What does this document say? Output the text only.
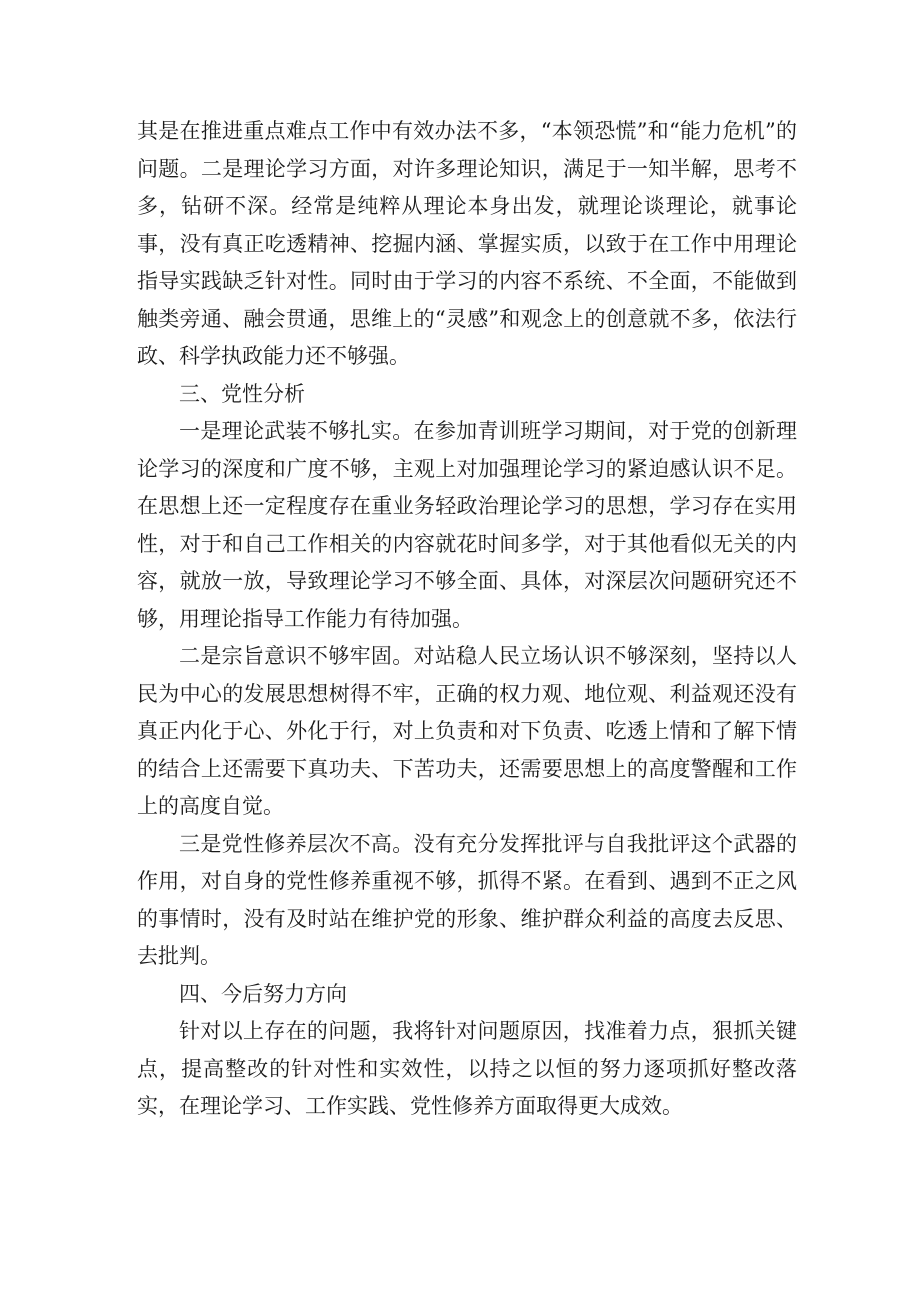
其是在推进重点难点工作中有效办法不多，“本领恐慌”和“能力危机”的问题。二是理论学习方面，对许多理论知识，满足于一知半解，思考不多，钻研不深。经常是纯粹从理论本身出发，就理论谈理论，就事论事，没有真正吃透精神、挖掘内涵、掌握实质，以致于在工作中用理论指导实践缺乏针对性。同时由于学习的内容不系统、不全面，不能做到触类旁通、融会贯通，思维上的“灵感”和观念上的创意就不多，依法行政、科学执政能力还不够强。

三、党性分析

一是理论武装不够扎实。在参加青训班学习期间，对于党的创新理论学习的深度和广度不够，主观上对加强理论学习的紧迫感认识不足。在思想上还一定程度存在重业务轻政治理论学习的思想，学习存在实用性，对于和自己工作相关的内容就花时间多学，对于其他看似无关的内容，就放一放，导致理论学习不够全面、具体，对深层次问题研究还不够，用理论指导工作能力有待加强。

二是宗旨意识不够牢固。对站稳人民立场认识不够深刻，坚持以人民为中心的发展思想树得不牢，正确的权力观、地位观、利益观还没有真正内化于心、外化于行，对上负责和对下负责、吃透上情和了解下情的结合上还需要下真功夫、下苦功夫，还需要思想上的高度警醒和工作上的高度自觉。

三是党性修养层次不高。没有充分发挥批评与自我批评这个武器的作用，对自身的党性修养重视不够，抓得不紧。在看到、遇到不正之风的事情时，没有及时站在维护党的形象、维护群众利益的高度去反思、去批判。

四、今后努力方向

针对以上存在的问题，我将针对问题原因，找准着力点，狠抓关键点，提高整改的针对性和实效性，以持之以恒的努力逐项抓好整改落实，在理论学习、工作实践、党性修养方面取得更大成效。
